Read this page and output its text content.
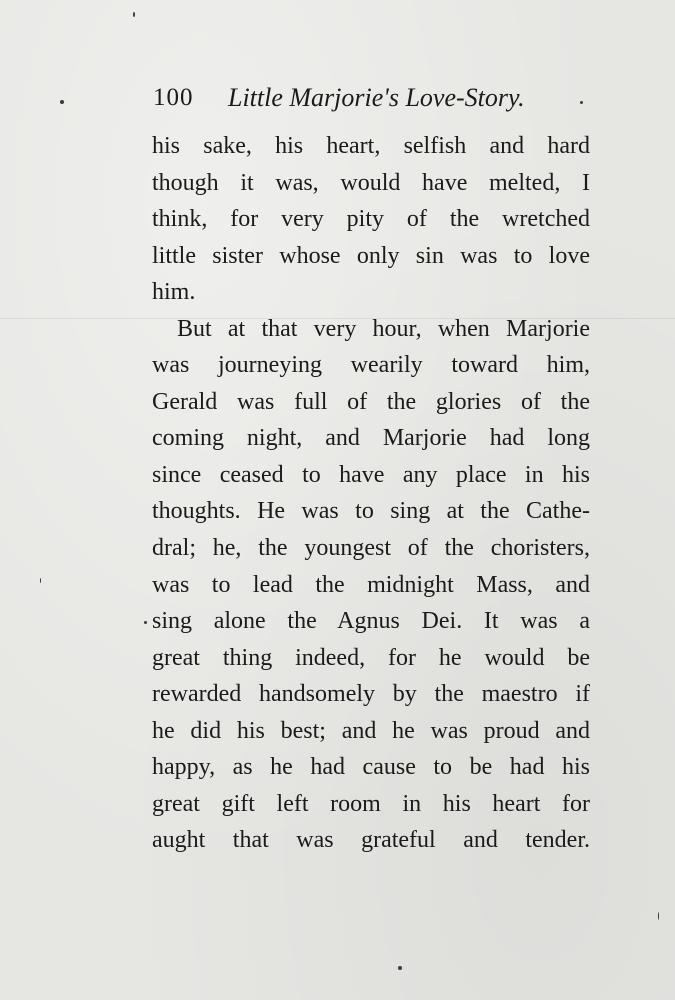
100 Little Marjorie's Love-Story.
his sake, his heart, selfish and hard
though it was, would have melted, I
think, for very pity of the wretched
little sister whose only sin was to love
him.
But at that very hour, when Marjorie
was journeying wearily toward him,
Gerald was full of the glories of the
coming night, and Marjorie had long
since ceased to have any place in his
thoughts. He was to sing at the Cathe-
dral; he, the youngest of the choristers,
was to lead the midnight Mass, and
sing alone the Agnus Dei. It was a
great thing indeed, for he would be
rewarded handsomely by the maestro if
he did his best; and he was proud and
happy, as he had cause to be had his
great gift left room in his heart for
aught that was grateful and tender.
